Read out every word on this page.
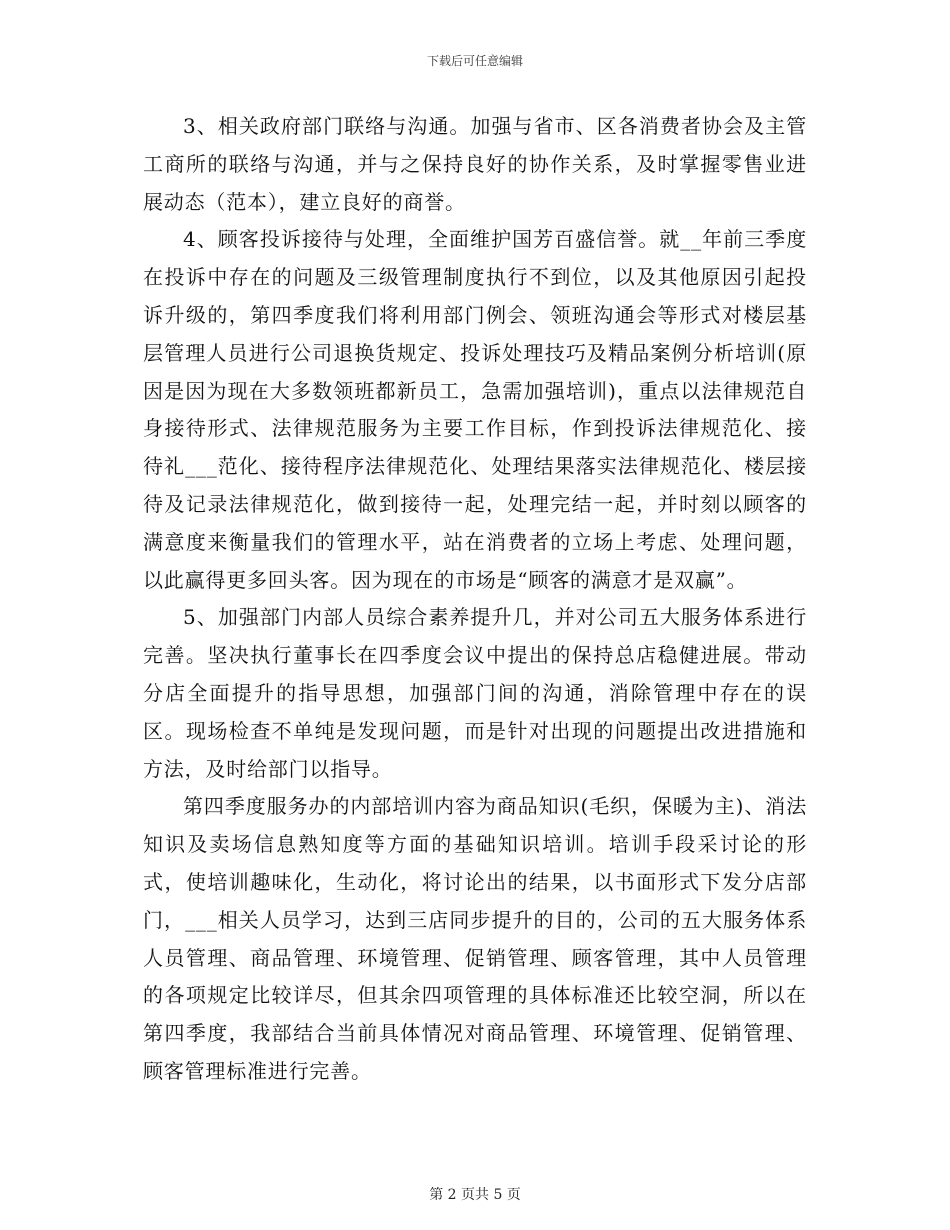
下载后可任意编辑

3、相关政府部门联络与沟通。加强与省市、区各消费者协会及主管工商所的联络与沟通，并与之保持良好的协作关系，及时掌握零售业进展动态（范本），建立良好的商誉。

4、顾客投诉接待与处理，全面维护国芳百盛信誉。就__年前三季度在投诉中存在的问题及三级管理制度执行不到位，以及其他原因引起投诉升级的，第四季度我们将利用部门例会、领班沟通会等形式对楼层基层管理人员进行公司退换货规定、投诉处理技巧及精品案例分析培训(原因是因为现在大多数领班都新员工，急需加强培训)，重点以法律规范自身接待形式、法律规范服务为主要工作目标，作到投诉法律规范化、接待礼___范化、接待程序法律规范化、处理结果落实法律规范化、楼层接待及记录法律规范化，做到接待一起，处理完结一起，并时刻以顾客的满意度来衡量我们的管理水平，站在消费者的立场上考虑、处理问题，以此赢得更多回头客。因为现在的市场是“顾客的满意才是双赢”。

5、加强部门内部人员综合素养提升几，并对公司五大服务体系进行完善。坚决执行董事长在四季度会议中提出的保持总店稳健进展。带动分店全面提升的指导思想，加强部门间的沟通，消除管理中存在的误区。现场检查不单纯是发现问题，而是针对出现的问题提出改进措施和方法，及时给部门以指导。

第四季度服务办的内部培训内容为商品知识(毛织，保暖为主)、消法知识及卖场信息熟知度等方面的基础知识培训。培训手段采讨论的形式，使培训趣味化，生动化，将讨论出的结果，以书面形式下发分店部门，___相关人员学习，达到三店同步提升的目的，公司的五大服务体系人员管理、商品管理、环境管理、促销管理、顾客管理，其中人员管理的各项规定比较详尽，但其余四项管理的具体标准还比较空洞，所以在第四季度，我部结合当前具体情况对商品管理、环境管理、促销管理、顾客管理标准进行完善。

第 2 页共 5 页
